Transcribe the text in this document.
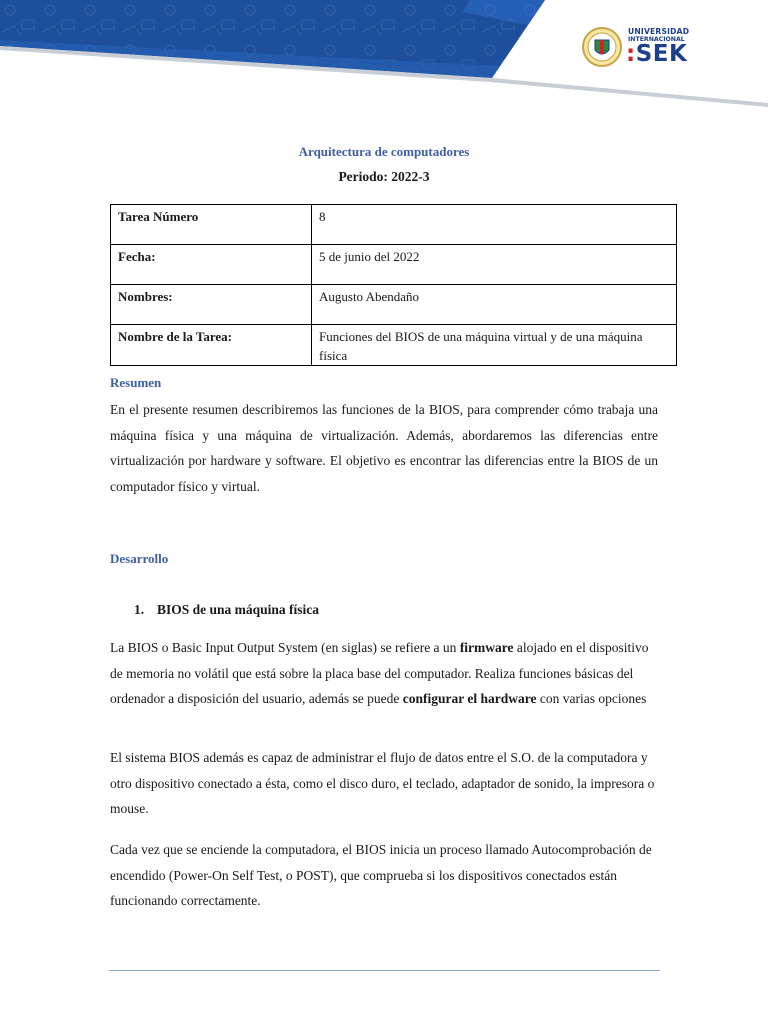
UNIVERSIDAD
INTERNACIONAL
:SEK
Arquitectura de computadores
Periodo: 2022-3
Tarea Número	8
Fecha:	5 de junio del 2022
Nombres:	Augusto Abendaño
Nombre de la Tarea:	Funciones del BIOS de una máquina virtual y de una máquina física
Resumen
En el presente resumen describiremos las funciones de la BIOS, para comprender cómo trabaja una máquina física y una máquina de virtualización. Además, abordaremos las diferencias entre virtualización por hardware y software. El objetivo es encontrar las diferencias entre la BIOS de un computador físico y virtual.
Desarrollo
1. BIOS de una máquina física
La BIOS o Basic Input Output System (en siglas) se refiere a un firmware alojado en el dispositivo de memoria no volátil que está sobre la placa base del computador. Realiza funciones básicas del ordenador a disposición del usuario, además se puede configurar el hardware con varias opciones
El sistema BIOS además es capaz de administrar el flujo de datos entre el S.O. de la computadora y otro dispositivo conectado a ésta, como el disco duro, el teclado, adaptador de sonido, la impresora o mouse.
Cada vez que se enciende la computadora, el BIOS inicia un proceso llamado Autocomprobación de encendido (Power-On Self Test, o POST), que comprueba si los dispositivos conectados están funcionando correctamente.
